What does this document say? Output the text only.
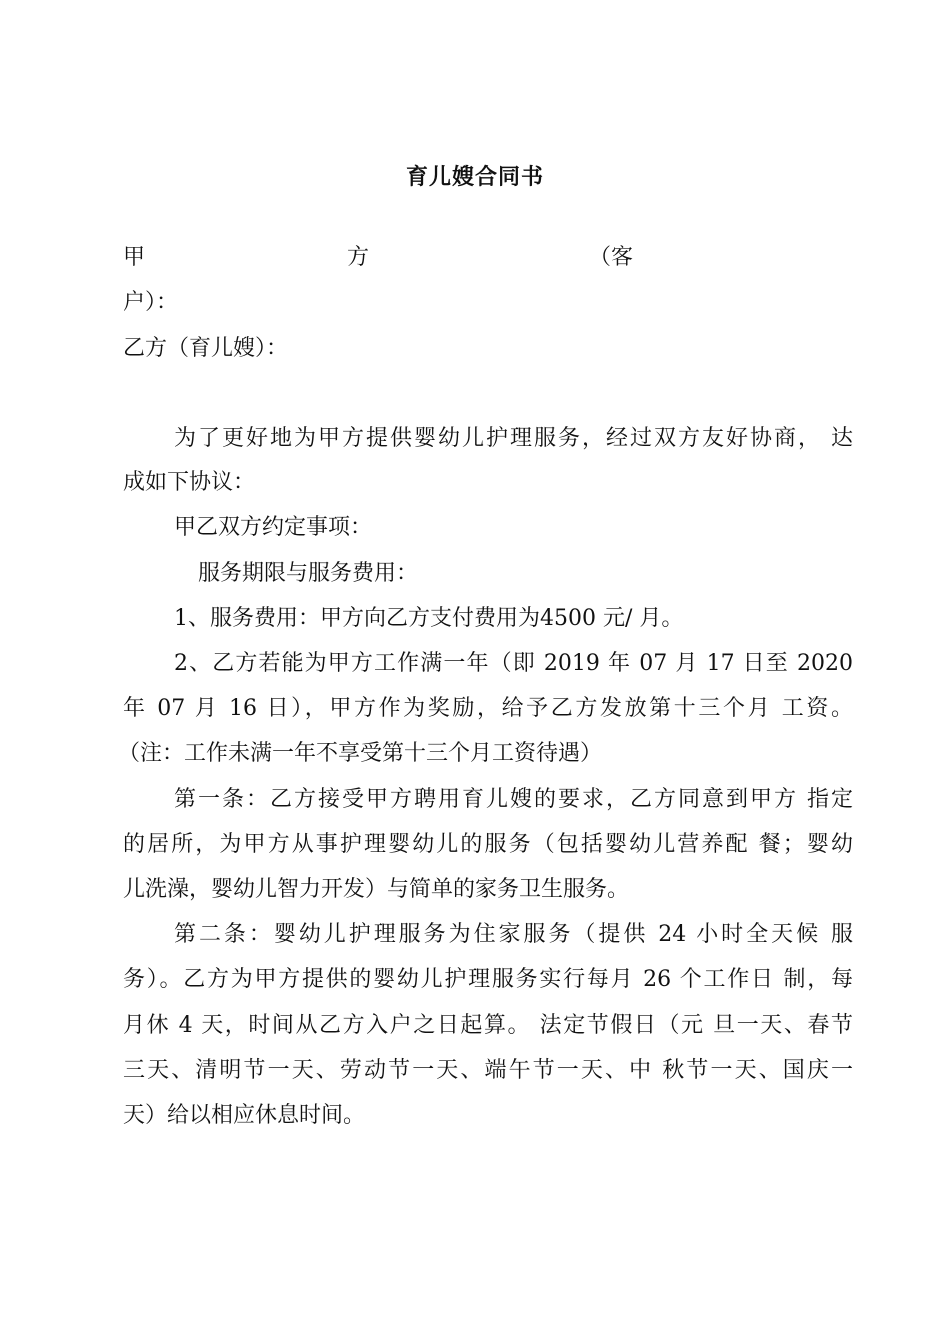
育儿嫂合同书
甲	方	（客
户）：
乙方（育儿嫂）：
为了更好地为甲方提供婴幼儿护理服务，经过双方友好协商， 达
成如下协议：
甲乙双方约定事项：
服务期限与服务费用：
1、服务费用：甲方向乙方支付费用为4500 元/ 月。
2、乙方若能为甲方工作满一年（即 2019 年 07 月 17 日至 2020
年 07 月 16 日），甲方作为奖励，给予乙方发放第十三个月 工资。
（注：工作未满一年不享受第十三个月工资待遇）
第一条：乙方接受甲方聘用育儿嫂的要求，乙方同意到甲方 指定
的居所，为甲方从事护理婴幼儿的服务（包括婴幼儿营养配 餐；婴幼
儿洗澡，婴幼儿智力开发）与简单的家务卫生服务。
第二条：婴幼儿护理服务为住家服务（提供 24 小时全天候 服
务）。乙方为甲方提供的婴幼儿护理服务实行每月 26 个工作日 制，每
月休 4 天，时间从乙方入户之日起算。 法定节假日（元 旦一天、春节
三天、清明节一天、劳动节一天、端午节一天、中 秋节一天、国庆一
天）给以相应休息时间。
